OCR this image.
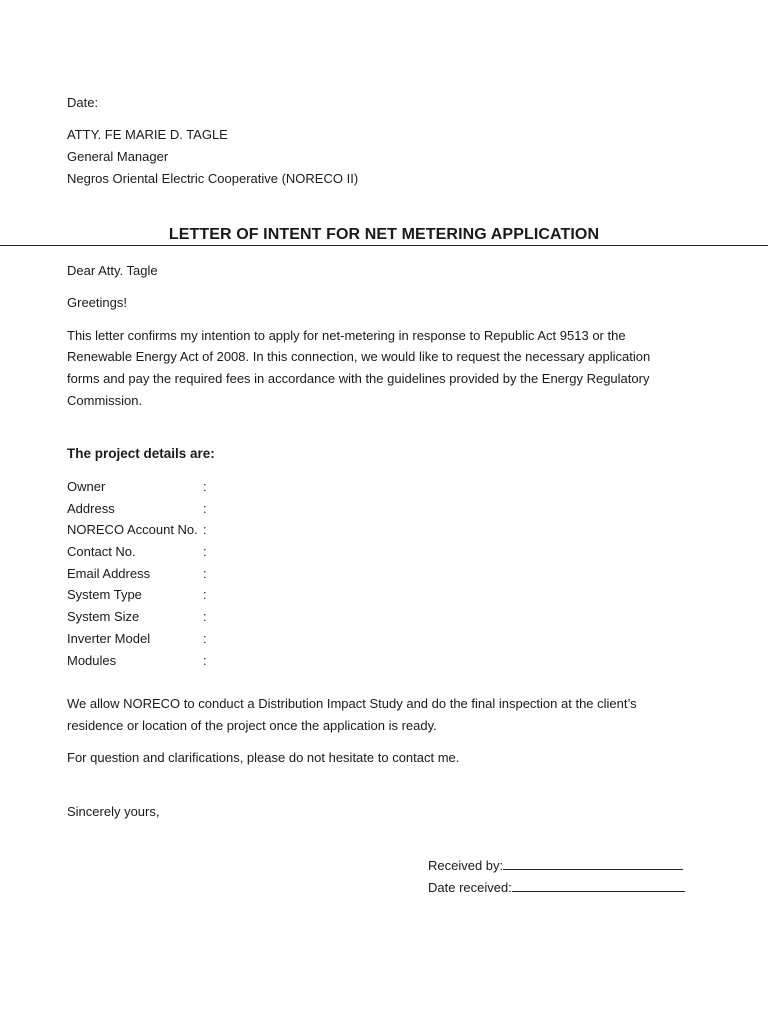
Date:
ATTY. FE MARIE D. TAGLE
General Manager
Negros Oriental Electric Cooperative (NORECO II)
LETTER OF INTENT FOR NET METERING APPLICATION
Dear Atty. Tagle
Greetings!
This letter confirms my intention to apply for net-metering in response to Republic Act 9513 or the
Renewable Energy Act of 2008. In this connection, we would like to request the necessary application
forms and pay the required fees in accordance with the guidelines provided by the Energy Regulatory
Commission.
The project details are:
Owner	:
Address	:
NORECO Account No. :
Contact No.	:
Email Address	:
System Type	:
System Size	:
Inverter Model	:
Modules	:
We allow NORECO to conduct a Distribution Impact Study and do the final inspection at the client’s
residence or location of the project once the application is ready.
For question and clarifications, please do not hesitate to contact me.
Sincerely yours,
Received by:
Date received:
